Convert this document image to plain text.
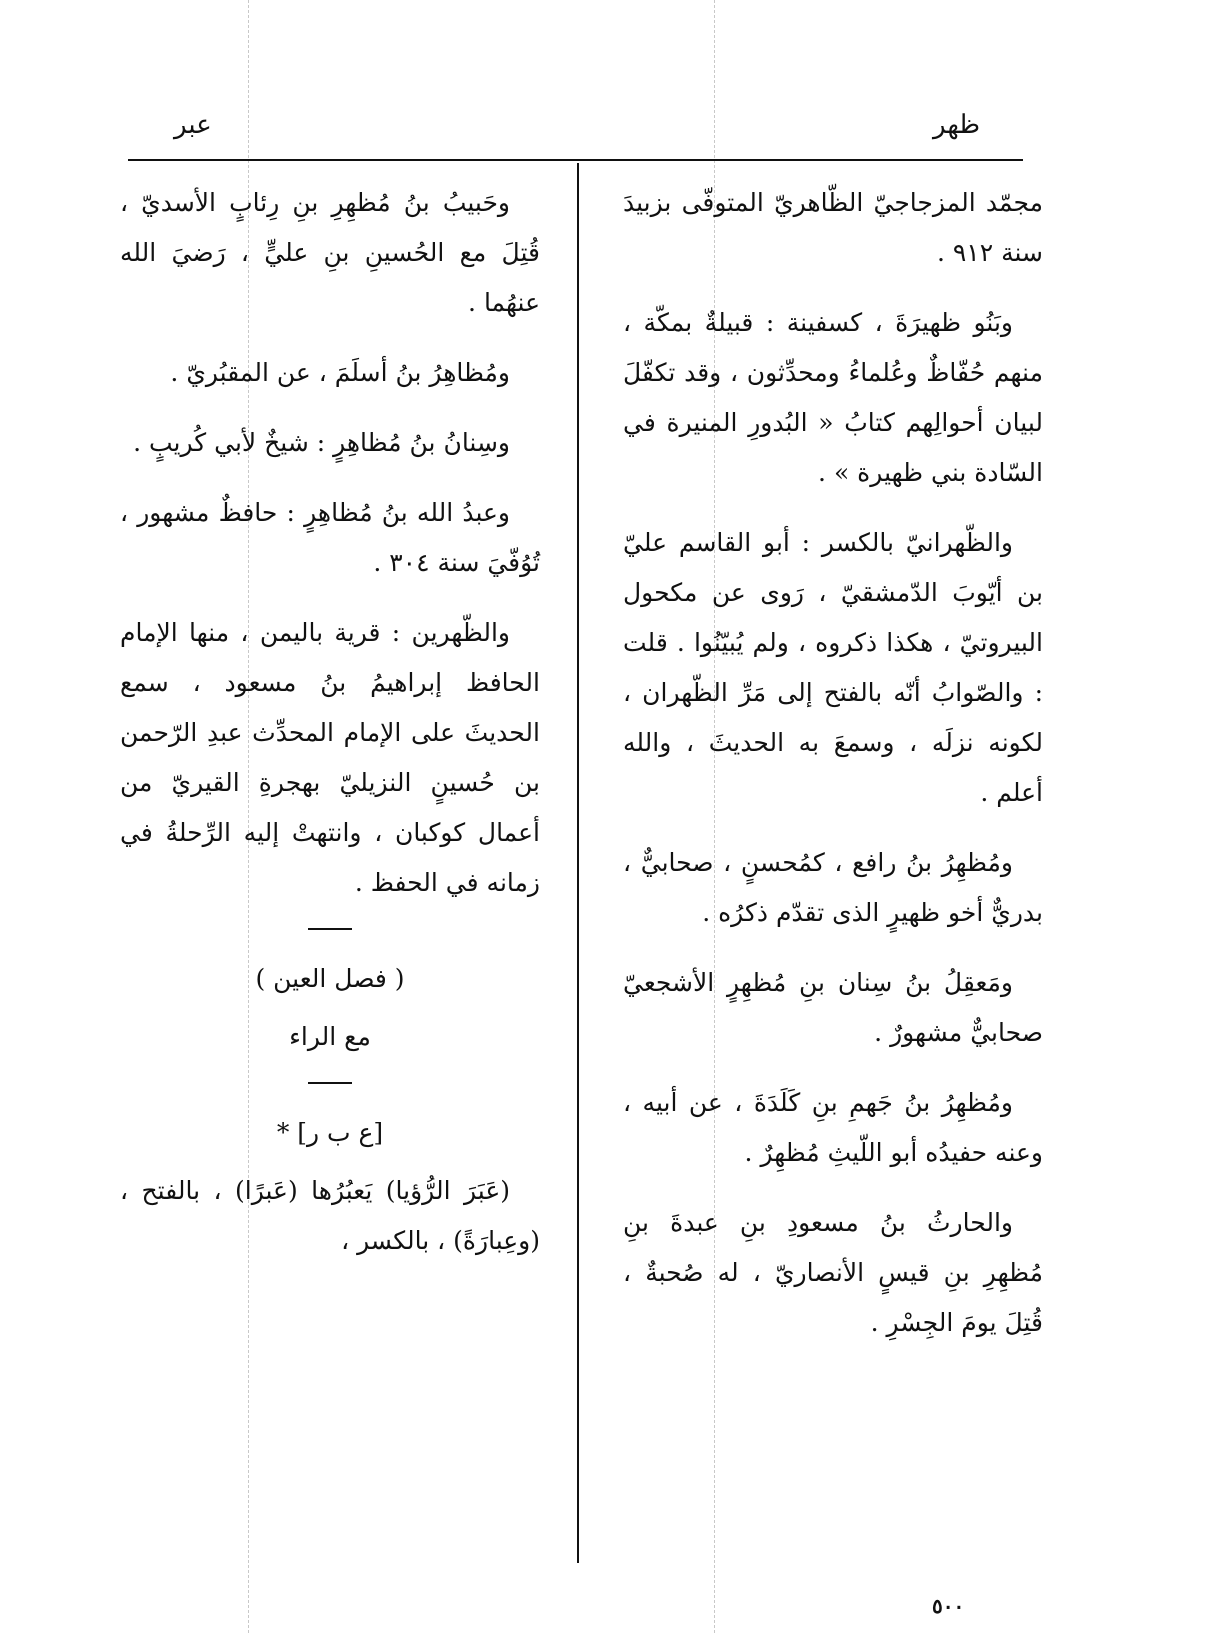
ظهر
عبر

مجمّد المزجاجيّ الظّاهريّ المتوفّى بزبيدَ سنة ٩١٢ .

وبَنُو ظهيرَةَ ، كسفينة : قبيلةٌ بمكّة ، منهم حُفّاظٌ وعُلماءُ ومحدِّثون ، وقد تكفّلَ لبيان أحوالِهم كتابُ « البُدورِ المنيرة في السّادة بني ظهيرة » .

والظّهرانيّ بالكسر : أبو القاسم عليّ بن أيّوبَ الدّمشقيّ ، رَوى عن مكحول البيروتيّ ، هكذا ذكروه ، ولم يُبيّنُوا . قلت : والصّوابُ أنّه بالفتح إلى مَرِّ الظّهران ، لكونه نزلَه ، وسمعَ به الحديثَ ، والله أعلم .

ومُظهِرُ بنُ رافع ، كمُحسنٍ ، صحابيٌّ ، بدريٌّ أخو ظهيرٍ الذى تقدّم ذكرُه .

ومَعقِلُ بنُ سِنان بنِ مُظهِرٍ الأشجعيّ صحابيٌّ مشهورٌ .

ومُظهِرُ بنُ جَهمِ بنِ كَلَدَةَ ، عن أبيه ، وعنه حفيدُه أبو اللّيثِ مُظهِرٌ .

والحارثُ بنُ مسعودِ بنِ عبدةَ بنِ مُظهِرِ بنِ قيسٍ الأنصاريّ ، له صُحبةٌ ، قُتِلَ يومَ الجِسْرِ .

وحَبيبُ بنُ مُظهِرِ بنِ رِئابٍ الأسديّ ، قُتِلَ مع الحُسينِ بنِ عليٍّ ، رَضيَ الله عنهُما .

ومُظاهِرُ بنُ أسلَمَ ، عن المقبُريّ .

وسِنانُ بنُ مُظاهِرٍ : شيخٌ لأبي كُريبٍ .

وعبدُ الله بنُ مُظاهِرٍ : حافظٌ مشهور ، تُوُفّيَ سنة ٣٠٤ .

والظّهرين : قرية باليمن ، منها الإمام الحافظ إبراهيمُ بنُ مسعود ، سمع الحديثَ على الإمام المحدِّث عبدِ الرّحمن بن حُسينٍ النزيليّ بهجرةِ القيريّ من أعمال كوكبان ، وانتهتْ إليه الرِّحلةُ في زمانه في الحفظ .

( فصل العين )
مع الراء
[ع ب ر] *

(عَبَرَ الرُّؤيا) يَعبُرُها (عَبرًا) ، بالفتح ، (وعِبارَةً) ، بالكسر ،

٥٠٠
